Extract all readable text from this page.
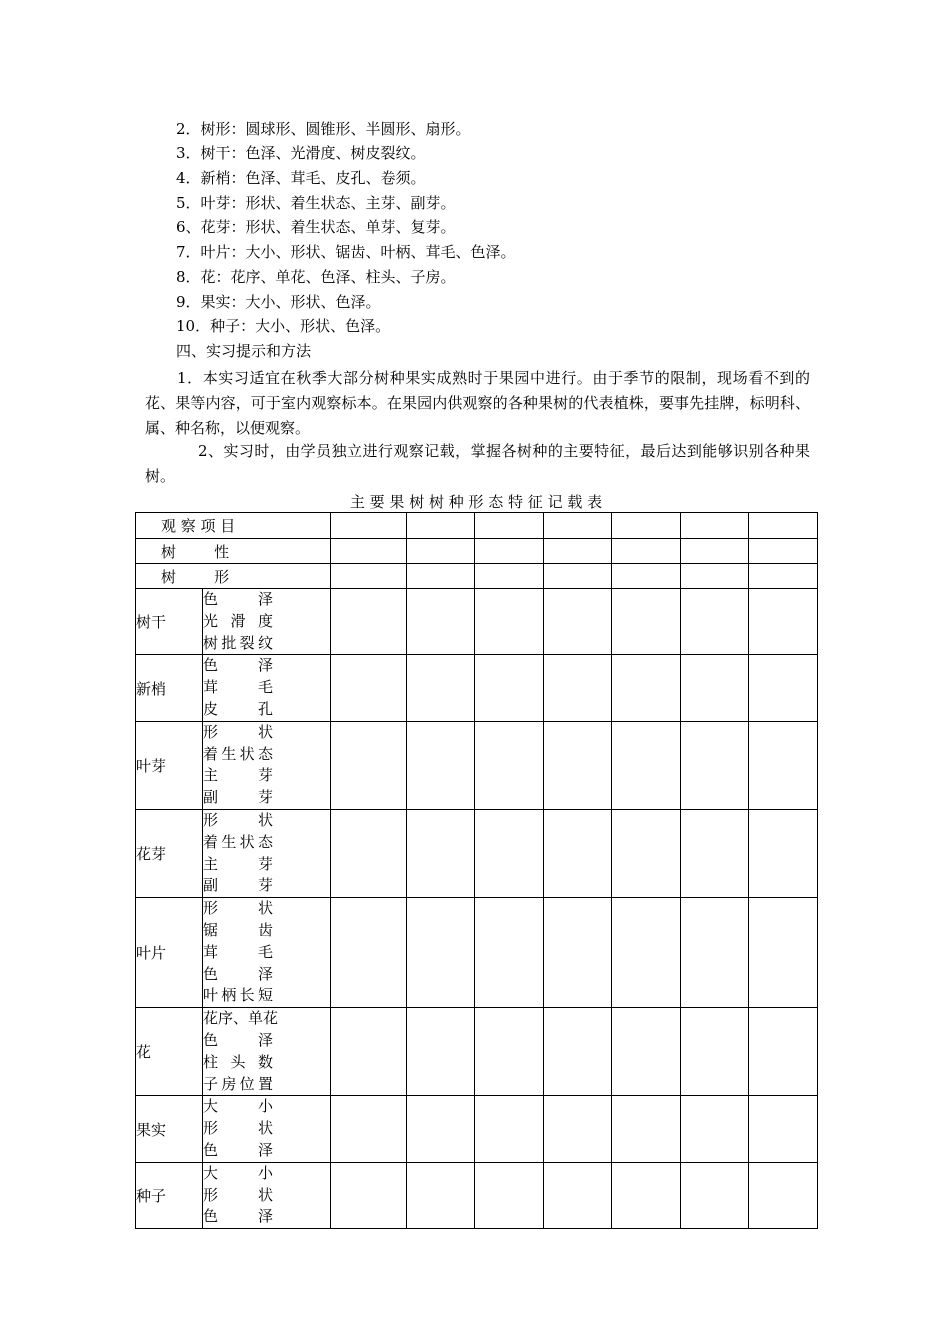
2．树形：圆球形、圆锥形、半圆形、扇形。
3．树干：色泽、光滑度、树皮裂纹。
4．新梢：色泽、茸毛、皮孔、卷须。
5．叶芽：形状、着生状态、主芽、副芽。
6、花芽：形状、着生状态、单芽、复芽。
7．叶片：大小、形状、锯齿、叶柄、茸毛、色泽。
8．花：花序、单花、色泽、柱头、子房。
9．果实：大小、形状、色泽。
10．种子：大小、形状、色泽。
四、实习提示和方法
1．本实习适宜在秋季大部分树种果实成熟时于果园中进行。由于季节的限制，现场看不到的花、果等内容，可于室内观察标本。在果园内供观察的各种果树的代表植株，要事先挂牌，标明科、属、种名称，以便观察。
2、实习时，由学员独立进行观察记载，掌握各树种的主要特征，最后达到能够识别各种果树。
主 要 果 树 树 种 形 态 特 征 记 载 表
观 察 项 目								
树        性								
树        形								
树干	色泽
光滑度
树批裂纹							

新梢	色泽
茸毛
皮孔							

叶芽	形状
着生状态
主芽
副芽							

花芽	形状
着生状态
主芽
副芽							

叶片	形状
锯齿
茸毛
色泽
叶柄长短							

花	花序、单花
色泽
柱头数
子房位置							

果实	大小
形状
色泽							

种子	大小
形状
色泽							
